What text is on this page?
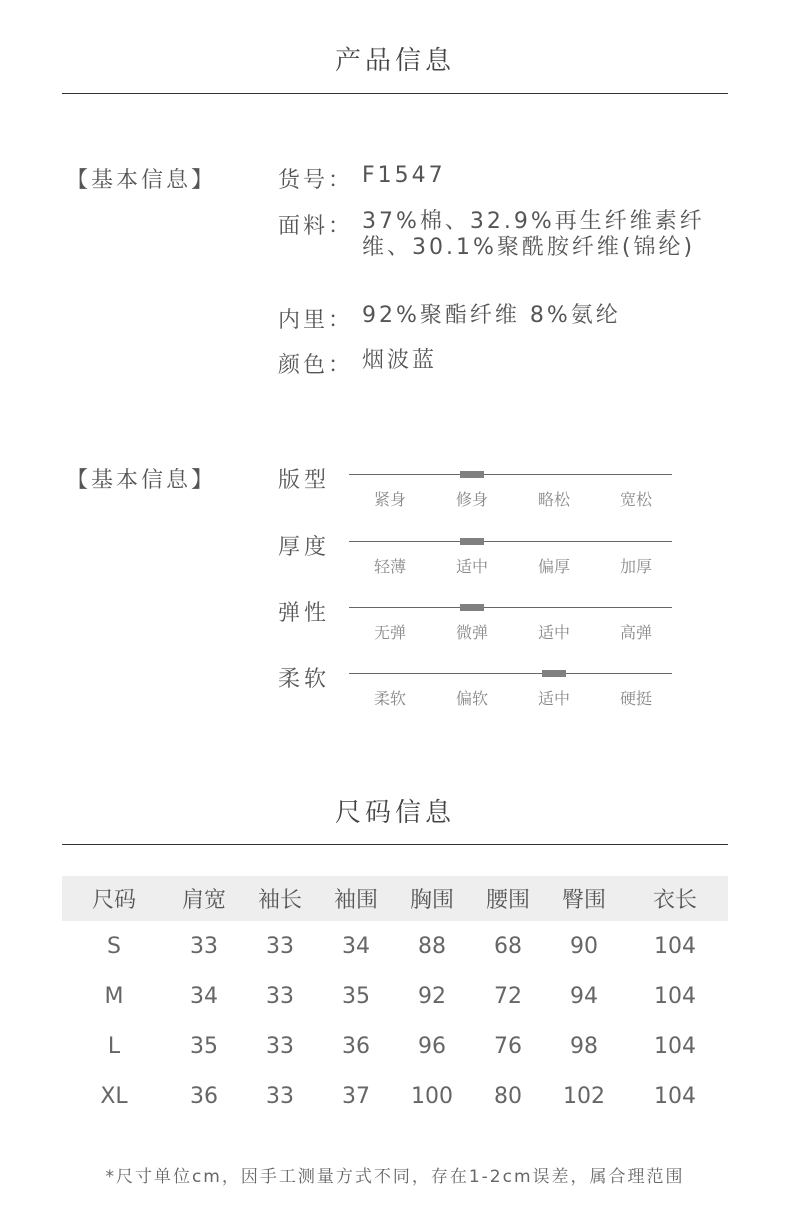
产品信息
【基本信息】	货号： F1547
面料： 37%棉、32.9%再生纤维素纤维、30.1%聚酰胺纤维(锦纶)
内里： 92%聚酯纤维 8%氨纶
颜色： 烟波蓝
【基本信息】	版型
紧身	修身	略松	宽松
厚度
轻薄	适中	偏厚	加厚
弹性
无弹	微弹	适中	高弹
柔软
柔软	偏软	适中	硬挺
尺码信息
尺码	肩宽	袖长	袖围	胸围	腰围	臀围	衣长
S	33	33	34	88	68	90	104
M	34	33	35	92	72	94	104
L	35	33	36	96	76	98	104
XL	36	33	37	100	80	102	104
*尺寸单位cm，因手工测量方式不同，存在1-2cm误差，属合理范围
